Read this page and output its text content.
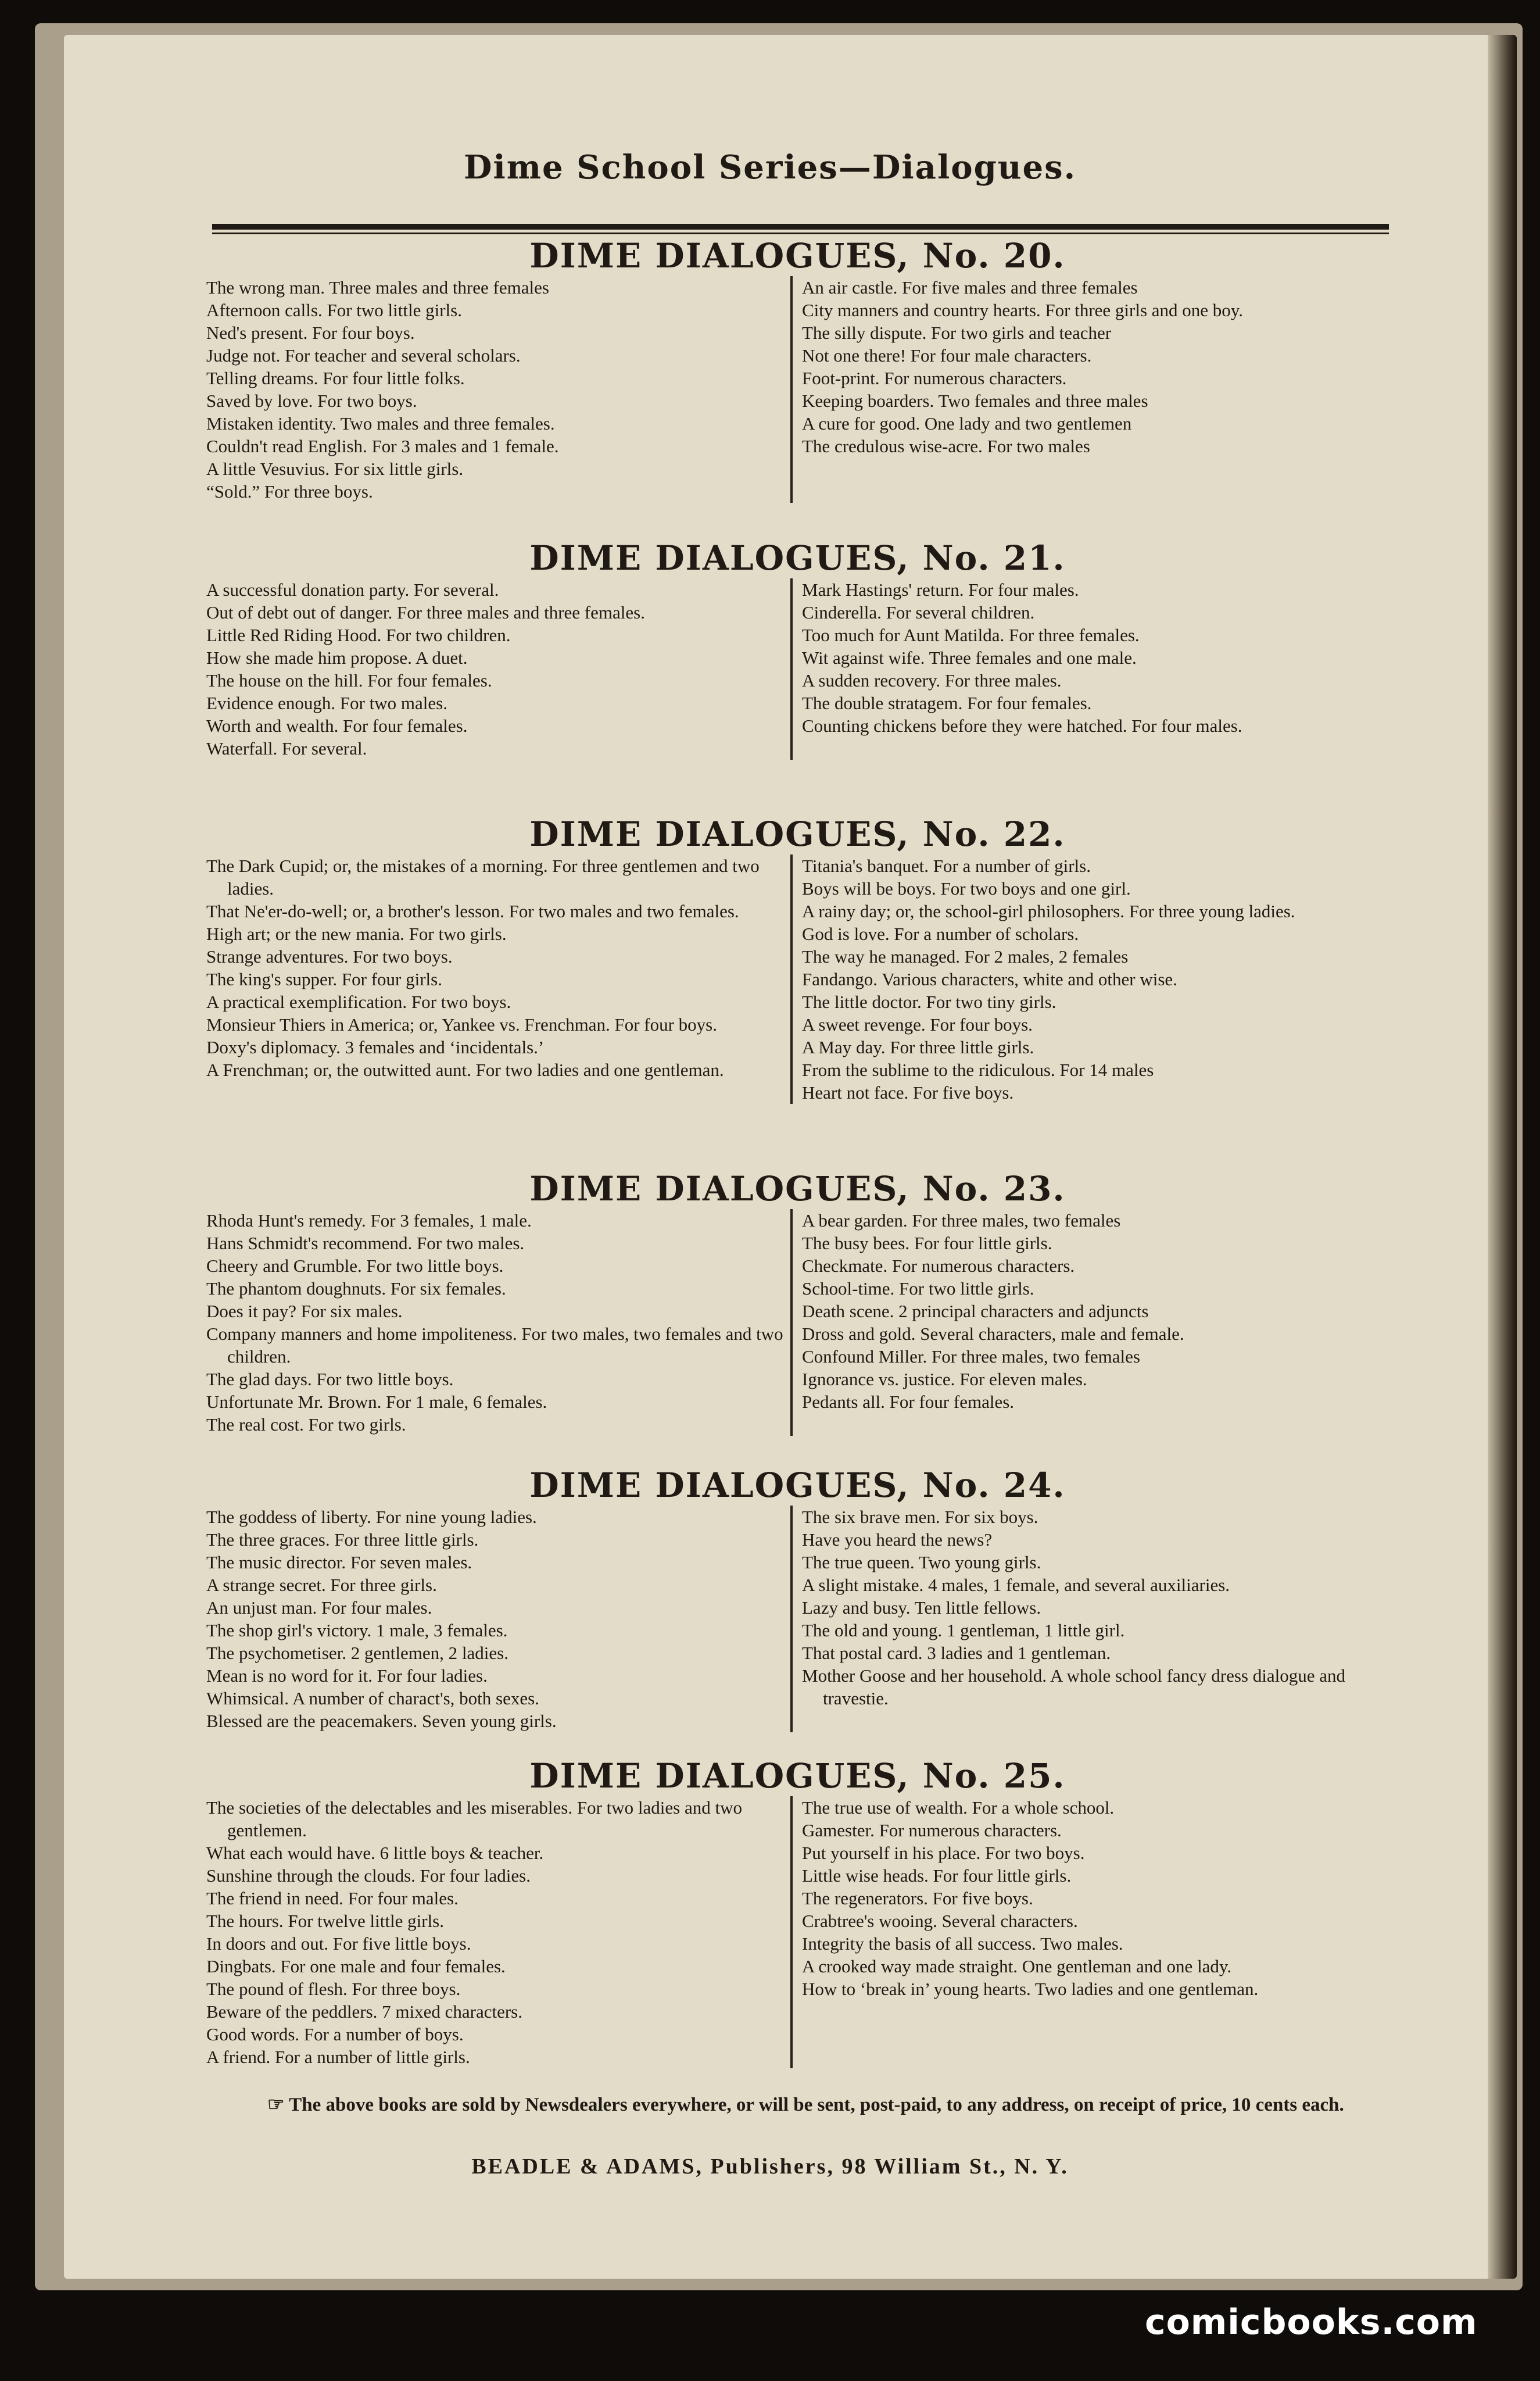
Dime School Series—Dialogues.
DIME DIALOGUES, No. 20.
The wrong man. Three males and three females
Afternoon calls. For two little girls.
Ned's present. For four boys.
Judge not. For teacher and several scholars.
Telling dreams. For four little folks.
Saved by love. For two boys.
Mistaken identity. Two males and three females.
Couldn't read English. For 3 males and 1 female.
A little Vesuvius. For six little girls.
“Sold.” For three boys.
An air castle. For five males and three females
City manners and country hearts. For three girls and one boy.
The silly dispute. For two girls and teacher
Not one there! For four male characters.
Foot-print. For numerous characters.
Keeping boarders. Two females and three males
A cure for good. One lady and two gentlemen
The credulous wise-acre. For two males
DIME DIALOGUES, No. 21.
A successful donation party. For several.
Out of debt out of danger. For three males and three females.
Little Red Riding Hood. For two children.
How she made him propose. A duet.
The house on the hill. For four females.
Evidence enough. For two males.
Worth and wealth. For four females.
Waterfall. For several.
Mark Hastings' return. For four males.
Cinderella. For several children.
Too much for Aunt Matilda. For three females.
Wit against wife. Three females and one male.
A sudden recovery. For three males.
The double stratagem. For four females.
Counting chickens before they were hatched. For four males.
DIME DIALOGUES, No. 22.
The Dark Cupid; or, the mistakes of a morning. For three gentlemen and two ladies.
That Ne'er-do-well; or, a brother's lesson. For two males and two females.
High art; or the new mania. For two girls.
Strange adventures. For two boys.
The king's supper. For four girls.
A practical exemplification. For two boys.
Monsieur Thiers in America; or, Yankee vs. Frenchman. For four boys.
Doxy's diplomacy. 3 females and ‘incidentals.’
A Frenchman; or, the outwitted aunt. For two ladies and one gentleman.
Titania's banquet. For a number of girls.
Boys will be boys. For two boys and one girl.
A rainy day; or, the school-girl philosophers. For three young ladies.
God is love. For a number of scholars.
The way he managed. For 2 males, 2 females
Fandango. Various characters, white and other wise.
The little doctor. For two tiny girls.
A sweet revenge. For four boys.
A May day. For three little girls.
From the sublime to the ridiculous. For 14 males
Heart not face. For five boys.
DIME DIALOGUES, No. 23.
Rhoda Hunt's remedy. For 3 females, 1 male.
Hans Schmidt's recommend. For two males.
Cheery and Grumble. For two little boys.
The phantom doughnuts. For six females.
Does it pay? For six males.
Company manners and home impoliteness. For two males, two females and two children.
The glad days. For two little boys.
Unfortunate Mr. Brown. For 1 male, 6 females.
The real cost. For two girls.
A bear garden. For three males, two females
The busy bees. For four little girls.
Checkmate. For numerous characters.
School-time. For two little girls.
Death scene. 2 principal characters and adjuncts
Dross and gold. Several characters, male and female.
Confound Miller. For three males, two females
Ignorance vs. justice. For eleven males.
Pedants all. For four females.
DIME DIALOGUES, No. 24.
The goddess of liberty. For nine young ladies.
The three graces. For three little girls.
The music director. For seven males.
A strange secret. For three girls.
An unjust man. For four males.
The shop girl's victory. 1 male, 3 females.
The psychometiser. 2 gentlemen, 2 ladies.
Mean is no word for it. For four ladies.
Whimsical. A number of charact's, both sexes.
Blessed are the peacemakers. Seven young girls.
The six brave men. For six boys.
Have you heard the news?
The true queen. Two young girls.
A slight mistake. 4 males, 1 female, and several auxiliaries.
Lazy and busy. Ten little fellows.
The old and young. 1 gentleman, 1 little girl.
That postal card. 3 ladies and 1 gentleman.
Mother Goose and her household. A whole school fancy dress dialogue and travestie.
DIME DIALOGUES, No. 25.
The societies of the delectables and les miserables. For two ladies and two gentlemen.
What each would have. 6 little boys & teacher.
Sunshine through the clouds. For four ladies.
The friend in need. For four males.
The hours. For twelve little girls.
In doors and out. For five little boys.
Dingbats. For one male and four females.
The pound of flesh. For three boys.
Beware of the peddlers. 7 mixed characters.
Good words. For a number of boys.
A friend. For a number of little girls.
The true use of wealth. For a whole school.
Gamester. For numerous characters.
Put yourself in his place. For two boys.
Little wise heads. For four little girls.
The regenerators. For five boys.
Crabtree's wooing. Several characters.
Integrity the basis of all success. Two males.
A crooked way made straight. One gentleman and one lady.
How to ‘break in’ young hearts. Two ladies and one gentleman.
☞ The above books are sold by Newsdealers everywhere, or will be sent, post-paid, to any address, on receipt of price, 10 cents each.
BEADLE & ADAMS, Publishers, 98 William St., N. Y.
comicbooks.com
